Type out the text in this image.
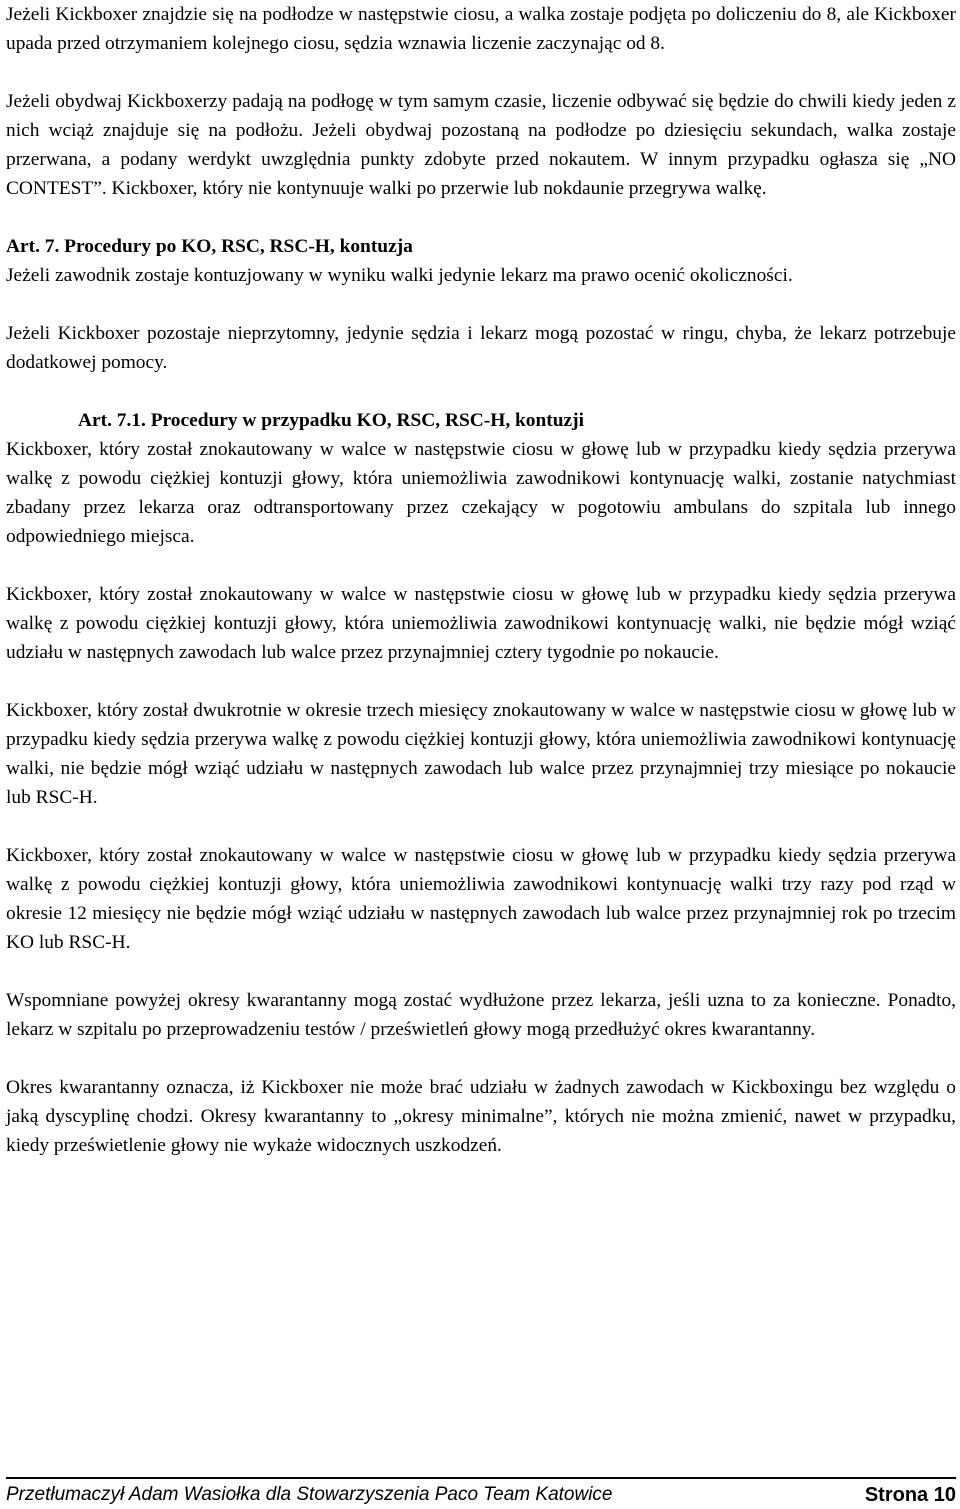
Jeżeli Kickboxer znajdzie się na podłodze w następstwie ciosu, a walka zostaje podjęta po doliczeniu do 8, ale Kickboxer upada przed otrzymaniem kolejnego ciosu, sędzia wznawia liczenie zaczynając od 8.

Jeżeli obydwaj Kickboxerzy padają na podłogę w tym samym czasie, liczenie odbywać się będzie do chwili kiedy jeden z nich wciąż znajduje się na podłożu. Jeżeli obydwaj pozostaną na podłodze po dziesięciu sekundach, walka zostaje przerwana, a podany werdykt uwzględnia punkty zdobyte przed nokautem. W innym przypadku ogłasza się „NO CONTEST”. Kickboxer, który nie kontynuuje walki po przerwie lub nokdaunie przegrywa walkę.

Art. 7. Procedury po KO, RSC, RSC-H, kontuzja

Jeżeli zawodnik zostaje kontuzjowany w wyniku walki jedynie lekarz ma prawo ocenić okoliczności.

Jeżeli Kickboxer pozostaje nieprzytomny, jedynie sędzia i lekarz mogą pozostać w ringu, chyba, że lekarz potrzebuje dodatkowej pomocy.

Art. 7.1. Procedury w przypadku KO, RSC, RSC-H, kontuzji

Kickboxer, który został znokautowany w walce w następstwie ciosu w głowę lub w przypadku kiedy sędzia przerywa walkę z powodu ciężkiej kontuzji głowy, która uniemożliwia zawodnikowi kontynuację walki, zostanie natychmiast zbadany przez lekarza oraz odtransportowany przez czekający w pogotowiu ambulans do szpitala lub innego odpowiedniego miejsca.

Kickboxer, który został znokautowany w walce w następstwie ciosu w głowę lub w przypadku kiedy sędzia przerywa walkę z powodu ciężkiej kontuzji głowy, która uniemożliwia zawodnikowi kontynuację walki, nie będzie mógł wziąć udziału w następnych zawodach lub walce przez przynajmniej cztery tygodnie po nokaucie.

Kickboxer, który został dwukrotnie w okresie trzech miesięcy znokautowany w walce w następstwie ciosu w głowę lub w przypadku kiedy sędzia przerywa walkę z powodu ciężkiej kontuzji głowy, która uniemożliwia zawodnikowi kontynuację walki, nie będzie mógł wziąć udziału w następnych zawodach lub walce przez przynajmniej trzy miesiące po nokaucie lub RSC-H.

Kickboxer, który został znokautowany w walce w następstwie ciosu w głowę lub w przypadku kiedy sędzia przerywa walkę z powodu ciężkiej kontuzji głowy, która uniemożliwia zawodnikowi kontynuację walki trzy razy pod rząd w okresie 12 miesięcy nie będzie mógł wziąć udziału w następnych zawodach lub walce przez przynajmniej rok po trzecim KO lub RSC-H.

Wspomniane powyżej okresy kwarantanny mogą zostać wydłużone przez lekarza, jeśli uzna to za konieczne. Ponadto, lekarz w szpitalu po przeprowadzeniu testów / prześwietleń głowy mogą przedłużyć okres kwarantanny.

Okres kwarantanny oznacza, iż Kickboxer nie może brać udziału w żadnych zawodach w Kickboxingu bez względu o jaką dyscyplinę chodzi. Okresy kwarantanny to „okresy minimalne”, których nie można zmienić, nawet w przypadku, kiedy prześwietlenie głowy nie wykaże widocznych uszkodzeń.

Przetłumaczył Adam Wasiołka dla Stowarzyszenia Paco Team Katowice	Strona 10
